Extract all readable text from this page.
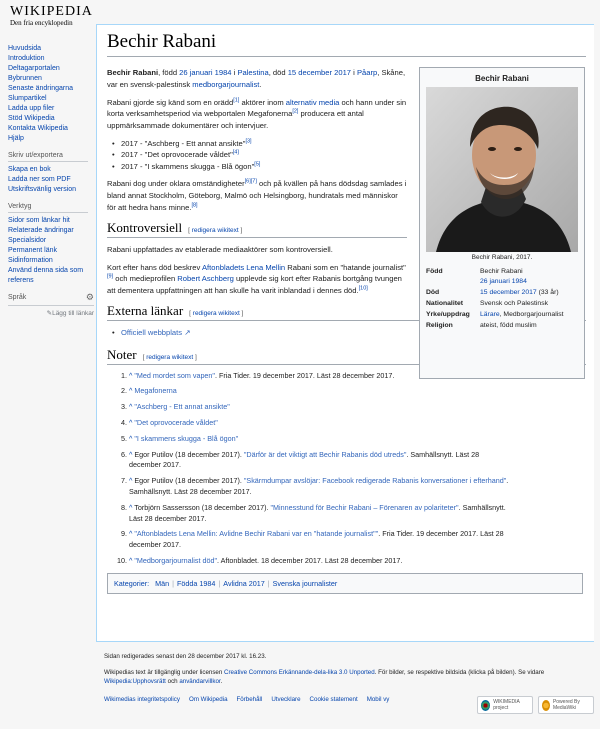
WIKIPEDIA
Den fria encyklopedin
Huvudsida
Introduktion
Deltagarportalen
Bybrunnen
Senaste ändringarna
Slumpartikel
Ladda upp filer
Stöd Wikipedia
Kontakta Wikipedia
Hjälp
Skriv ut/exportera
Skapa en bok
Ladda ner som PDF
Utskriftsvänlig version
Verktyg
Sidor som länkar hit
Relaterade ändringar
Specialsidor
Permanent länk
Sidinformation
Använd denna sida som referens
Språk	⚙
✎Lägg till länkar
Bechir Rabani
Bechir Rabani
Bechir Rabani, 2017.
Född	Bechir Rabani
26 januari 1984
Död	15 december 2017 (33 år)
Nationalitet	Svensk och Palestinsk
Yrke/uppdrag	Lärare, Medborgarjournalist
Religion	ateist, född muslim

Bechir Rabani, född 26 januari 1984 i Palestina, död 15 december 2017 i Påarp, Skåne, var en svensk-palestinsk medborgarjournalist.

Rabani gjorde sig känd som en orädd[1] aktörer inom alternativ media och hann under sin korta verksamhetsperiod via webportalen Megafonerna[2] producera ett antal uppmärksammade dokumentärer och intervjuer.

• 2017 - "Aschberg - Ett annat ansikte"[3]
• 2017 - "Det oprovocerade våldet"[4]
• 2017 - "I skammens skugga - Blå ögon"[5]

Rabani dog under oklara omständigheter[6][7] och på kvällen på hans dödsdag samlades i bland annat Stockholm, Göteborg, Malmö och Helsingborg, hundratals med människor för att hedra hans minne.[8]

Kontroversiell [ redigera wikitext ]

Rabani uppfattades av etablerade mediaaktörer som kontroversiell.

Kort efter hans död beskrev Aftonbladets Lena Mellin Rabani som en "hatande journalist"[9] och medieprofilen Robert Aschberg upplevde sig kort efter Rabanis bortgång tvungen att dementera uppfattningen att han skulle ha varit inblandad i dennes död.[10]

Externa länkar [ redigera wikitext ]
• Officiell webbplats ↗
Noter [ redigera wikitext ]
1. ^ "Med mordet som vapen". Fria Tider. 19 december 2017. Läst 28 december 2017.
2. ^ Megafonerna
3. ^ "Aschberg - Ett annat ansikte"
4. ^ "Det oprovocerade våldet"
5. ^ "I skammens skugga - Blå ögon"
6. ^ Egor Putilov (18 december 2017). "Därför är det viktigt att Bechir Rabanis död utreds". Samhällsnytt. Läst 28 december 2017.
7. ^ Egor Putilov (18 december 2017). "Skärmdumpar avslöjar: Facebook redigerade Rabanis konversationer i efterhand". Samhällsnytt. Läst 28 december 2017.
8. ^ Torbjörn Sassersson (18 december 2017). "Minnesstund för Bechir Rabani – Förenaren av polariteter". Samhällsnytt. Läst 28 december 2017.
9. ^ "Aftonbladets Lena Mellin: Avlidne Bechir Rabani var en "hatande journalist"". Fria Tider. 19 december 2017. Läst 28 december 2017.
10. ^ "Medborgarjournalist död". Aftonbladet. 18 december 2017. Läst 28 december 2017.
Kategorier: Män | Födda 1984 | Avlidna 2017 | Svenska journalister

Sidan redigerades senast den 28 december 2017 kl. 16.23.

Wikipedias text är tillgänglig under licensen Creative Commons Erkännande-dela-lika 3.0 Unported. För bilder, se respektive bildsida (klicka på bilden). Se vidare Wikipedia:Upphovsrätt och användarvillkor.

Wikimedias integritetspolicy Om Wikipedia Förbehåll Utvecklare Cookie statement Mobil vy	WIKIMEDIA project
Powered By MediaWiki
